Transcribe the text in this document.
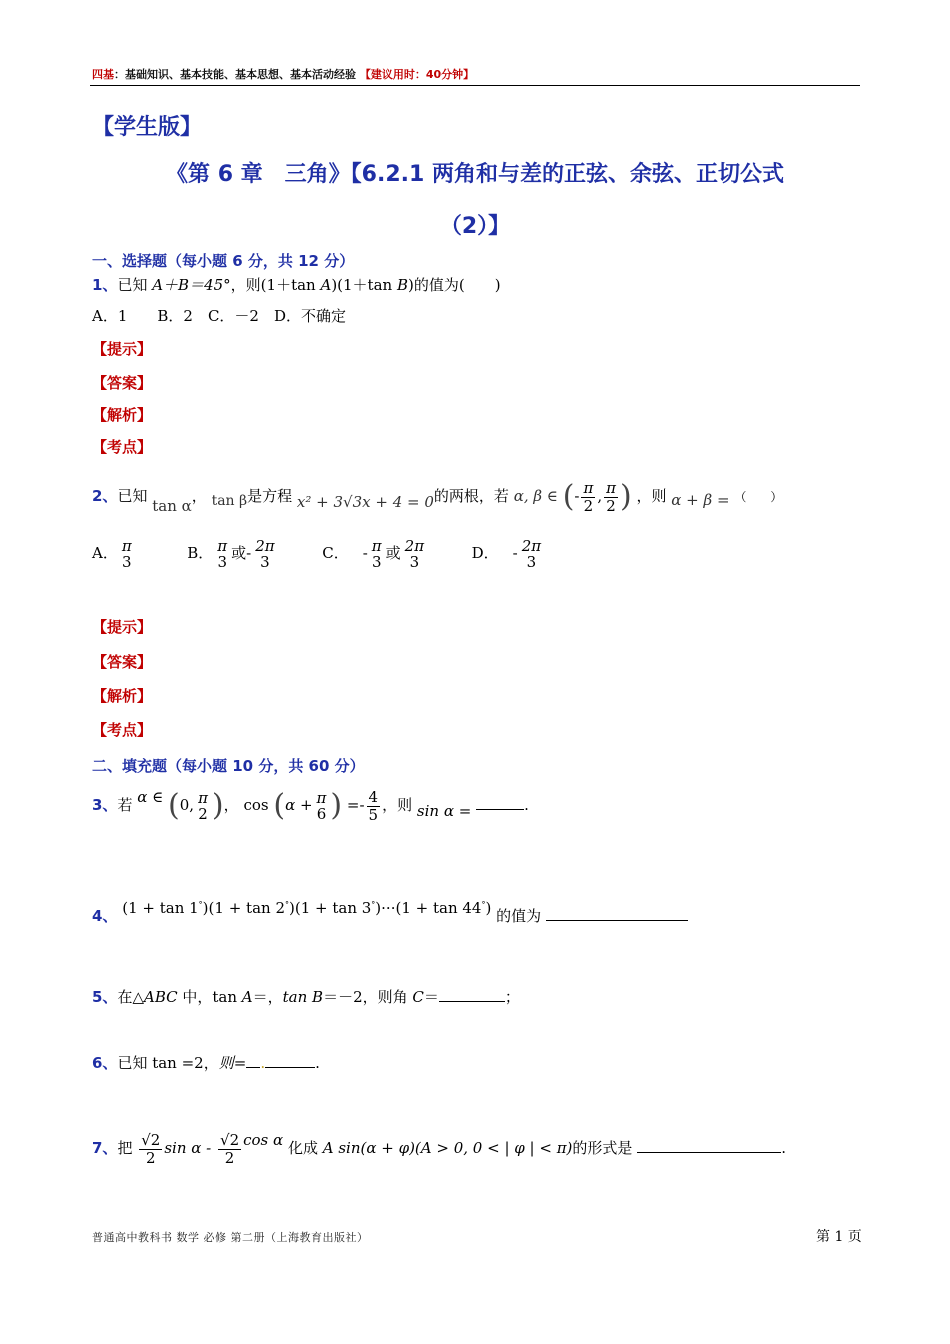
四基：基础知识、基本技能、基本思想、基本活动经验 【建议用时：40分钟】
【学生版】
《第 6 章　三角》【6.2.1 两角和与差的正弦、余弦、正切公式
（2）】
一、选择题（每小题 6 分，共 12 分）
1、已知 A＋B＝45°，则(1＋tan A)(1＋tan B)的值为(　　)
A．1　　B．2　C．－2　D．不确定
【提示】
【答案】
【解析】
【考点】
2、已知 tan α， tan β是方程 x² + 3√3x + 4 = 0的两根，若 α, β ∈ (- $\frac{\pi}{2}$ , $\frac{\pi}{2}$ ) ，则 α + β = （　　）
A． π
3	B． π
3 或- 2π
3	C． - π
3 或 2π
3	D． - 2π
3
【提示】
【答案】
【解析】
【考点】
二、填充题（每小题 10 分，共 60 分）
3、若 α ∈ (0, π
2 )， cos (α + π
6 ) =- $\frac{4}{5}$ ，则 sin α =	.
4、 (1 + tan 1°)(1 + tan 2°)(1 + tan 3°)···(1 + tan 44°) 的值为
5、在△ABC 中，tan A＝，tan B＝－2，则角 C＝	；
6、已知 tan =2，则= .	.
7、把 $\frac{√2}{2}$ sin α - $\frac{√2}{2}$ cos α 化成 A sin(α + φ)(A > 0, 0 < | φ | < π)的形式是	.
普通高中教科书 数学 必修 第二册（上海教育出版社）	第 1 页
